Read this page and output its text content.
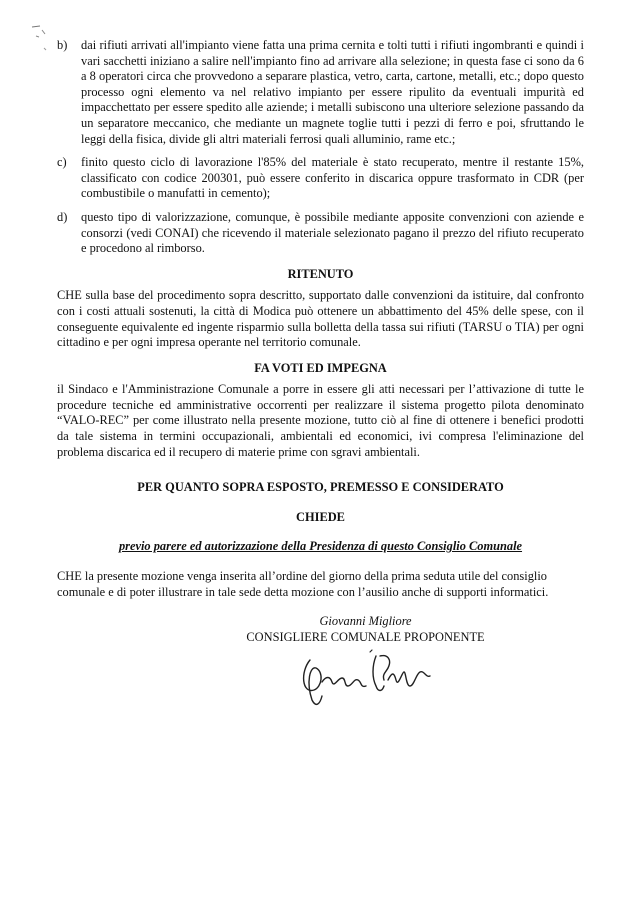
b)	dai rifiuti arrivati all'impianto viene fatta una prima cernita e tolti tutti i rifiuti ingombranti e quindi i vari sacchetti iniziano a salire nell'impianto fino ad arrivare alla selezione; in questa fase ci sono da 6 a 8 operatori circa che provvedono a separare plastica, vetro, carta, cartone, metalli, etc.; dopo questo processo ogni elemento va nel relativo impianto per essere ripulito da eventuali impurità ed impacchettato per essere spedito alle aziende; i metalli subiscono una ulteriore selezione passando da un separatore meccanico, che mediante un magnete toglie tutti i pezzi di ferro e poi, sfruttando le leggi della fisica, divide gli altri materiali ferrosi quali alluminio, rame etc.;
c)	finito questo ciclo di lavorazione l'85% del materiale è stato recuperato, mentre il restante 15%, classificato con codice 200301, può essere conferito in discarica oppure trasformato in CDR (per combustibile o manufatti in cemento);
d)	questo tipo di valorizzazione, comunque, è possibile mediante apposite convenzioni con aziende e consorzi (vedi CONAI) che ricevendo il materiale selezionato pagano il prezzo del rifiuto recuperato e procedono al rimborso.
RITENUTO

CHE sulla base del procedimento sopra descritto, supportato dalle convenzioni da istituire, dal confronto con i costi attuali sostenuti, la città di Modica può ottenere un abbattimento del 45% delle spese, con il conseguente equivalente ed ingente risparmio sulla bolletta della tassa sui rifiuti (TARSU o TIA) per ogni cittadino e per ogni impresa operante nel territorio comunale.

FA VOTI ED IMPEGNA

il Sindaco e l'Amministrazione Comunale a porre in essere gli atti necessari per l’attivazione di tutte le procedure tecniche ed amministrative occorrenti per realizzare il sistema progetto pilota denominato “VALO-REC” per come illustrato nella presente mozione, tutto ciò al fine di ottenere i benefici prodotti da tale sistema in termini occupazionali, ambientali ed economici, ivi compresa l'eliminazione del problema discarica ed il recupero di materie prime con sgravi ambientali.

PER QUANTO SOPRA ESPOSTO, PREMESSO E CONSIDERATO
CHIEDE
previo parere ed autorizzazione della Presidenza di questo Consiglio Comunale

CHE la presente mozione venga inserita all’ordine del giorno della prima seduta utile del consiglio comunale e di poter illustrare in tale sede detta mozione con l’ausilio anche di supporti informatici.

Giovanni Migliore
CONSIGLIERE COMUNALE PROPONENTE
